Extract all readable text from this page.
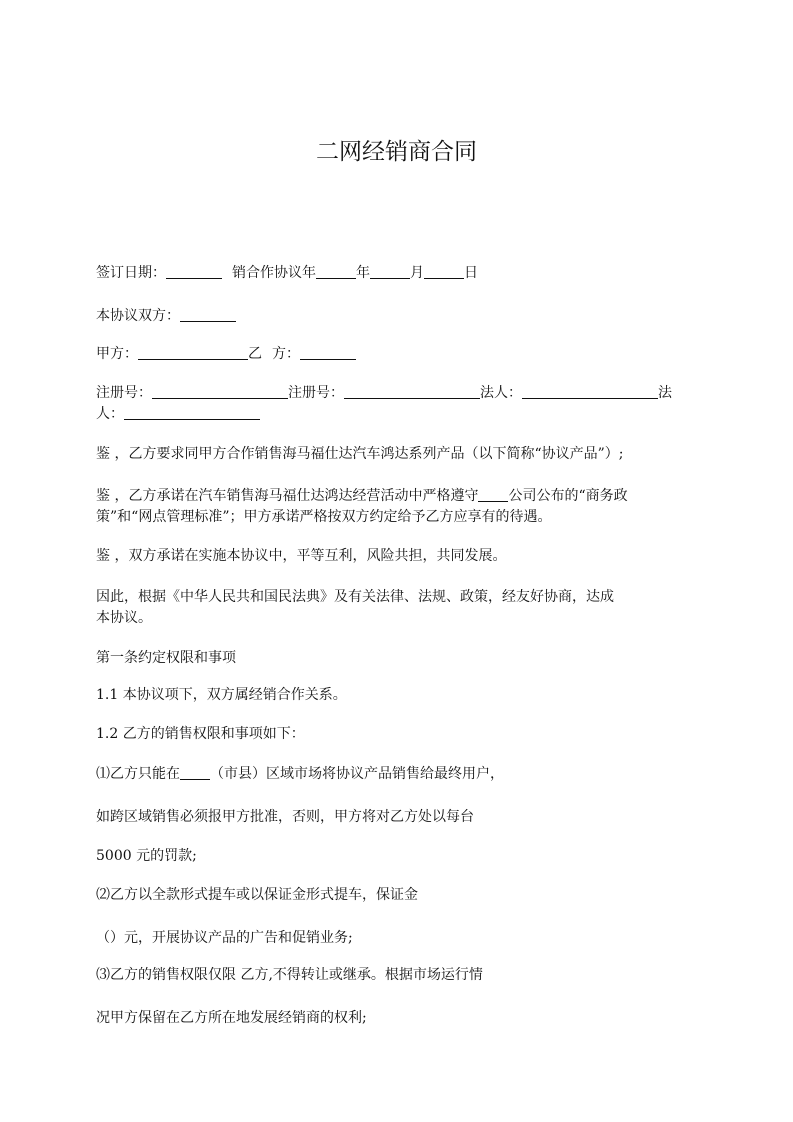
二网经销商合同
签订日期：	销合作协议年	年	月	日
本协议双方：
甲方：	乙 方：
注册号：	注册号：	法人：	法
人：
鉴 ，乙方要求同甲方合作销售海马福仕达汽车鸿达系列产品（以下简称“协议产品”）;
鉴 ，乙方承诺在汽车销售海马福仕达鸿达经营活动中严格遵守 公司公布的“商务政
策”和“网点管理标准”；甲方承诺严格按双方约定给予乙方应享有的待遇。
鉴 ，双方承诺在实施本协议中，平等互利，风险共担，共同发展。
因此，根据《中华人民共和国民法典》及有关法律、法规、政策，经友好协商，达成
本协议。
第一条约定权限和事项
1.1 本协议项下，双方属经销合作关系。
1.2 乙方的销售权限和事项如下：
⑴乙方只能在 （市县）区域市场将协议产品销售给最终用户，
如跨区域销售必须报甲方批准，否则，甲方将对乙方处以每台
5000 元的罚款;
⑵乙方以全款形式提车或以保证金形式提车，保证金
（）元，开展协议产品的广告和促销业务;
⑶乙方的销售权限仅限 乙方,不得转让或继承。根据市场运行情
况甲方保留在乙方所在地发展经销商的权利;
